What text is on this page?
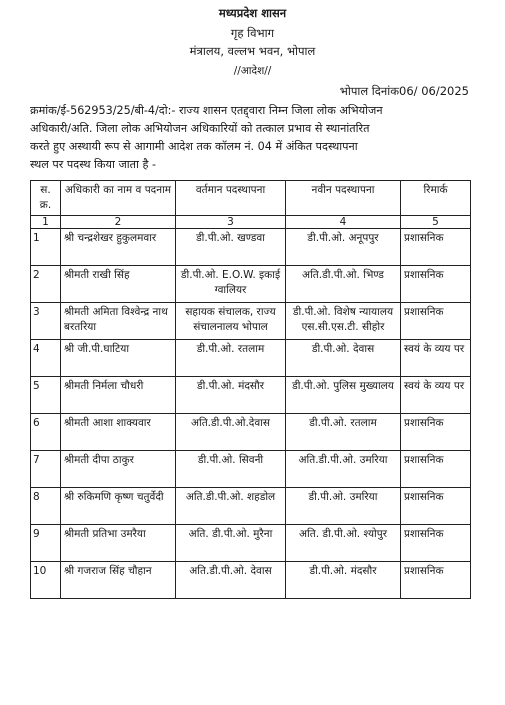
मध्यप्रदेश शासन
गृह विभाग
मंत्रालय, वल्लभ भवन, भोपाल
//आदेश//
भोपाल दिनांक06/ 06/2025
क्रमांक/ई-562953/25/बी-4/दो:- राज्य शासन एतद्द्वारा निम्न जिला लोक अभियोजन
अधिकारी/अति. जिला लोक अभियोजन अधिकारियों को तत्काल प्रभाव से स्थानांतरित
करते हुए अस्थायी रूप से आगामी आदेश तक कॉलम नं. 04 में अंकित पदस्थापना
स्थल पर पदस्थ किया जाता है -
स. क्र.	अधिकारी का नाम व पदनाम	वर्तमान पदस्थापना	नवीन पदस्थापना	रिमार्क
1	2	3	4	5
1	श्री चन्द्रशेखर हुकुलमवार	डी.पी.ओ. खण्डवा	डी.पी.ओ. अनूपपुर	प्रशासनिक
2	श्रीमती राखी सिंह	डी.पी.ओ. E.O.W. इकाई ग्वालियर	अति.डी.पी.ओ. भिण्ड	प्रशासनिक
3	श्रीमती अमिता विश्वेन्द्र नाथ बरतरिया	सहायक संचालक, राज्य संचालनालय भोपाल	डी.पी.ओ. विशेष न्यायालय एस.सी.एस.टी. सीहोर	प्रशासनिक
4	श्री जी.पी.घाटिया	डी.पी.ओ. रतलाम	डी.पी.ओ. देवास	स्वयं के व्यय पर
5	श्रीमती निर्मला चौधरी	डी.पी.ओ. मंदसौर	डी.पी.ओ. पुलिस मुख्यालय	स्वयं के व्यय पर
6	श्रीमती आशा शाक्यवार	अति.डी.पी.ओ.देवास	डी.पी.ओ. रतलाम	प्रशासनिक
7	श्रीमती दीपा ठाकुर	डी.पी.ओ. सिवनी	अति.डी.पी.ओ. उमरिया	प्रशासनिक
8	श्री रुकिमणि कृष्ण चतुर्वेदी	अति.डी.पी.ओ. शहडोल	डी.पी.ओ. उमरिया	प्रशासनिक
9	श्रीमती प्रतिभा उमरैया	अति. डी.पी.ओ. मुरैना	अति. डी.पी.ओ. श्योपुर	प्रशासनिक
10	श्री गजराज सिंह चौहान	अति.डी.पी.ओ. देवास	डी.पी.ओ. मंदसौर	प्रशासनिक
